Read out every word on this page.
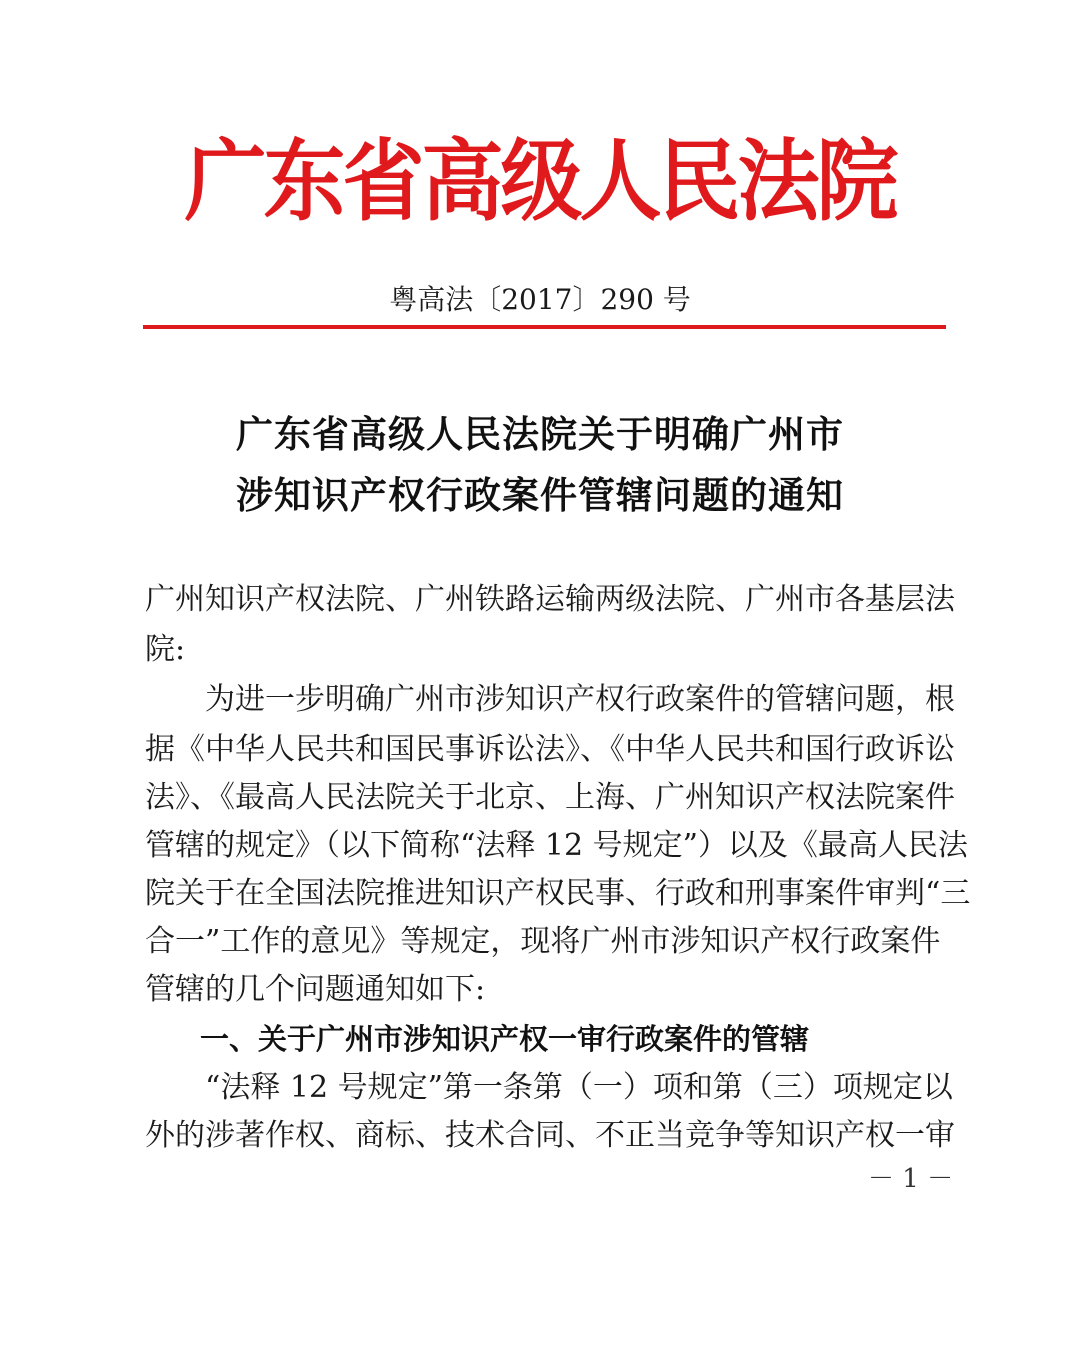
广东省高级人民法院
粤高法〔2017〕290 号
广东省高级人民法院关于明确广州市
涉知识产权行政案件管辖问题的通知
广州知识产权法院、广州铁路运输两级法院、广州市各基层法
院:
为进一步明确广州市涉知识产权行政案件的管辖问题，根
据《中华人民共和国民事诉讼法》、《中华人民共和国行政诉讼
法》、《最高人民法院关于北京、上海、广州知识产权法院案件
管辖的规定》（以下简称“法释 12 号规定”）以及《最高人民法
院关于在全国法院推进知识产权民事、行政和刑事案件审判“三
合一”工作的意见》等规定，现将广州市涉知识产权行政案件
管辖的几个问题通知如下:
一、关于广州市涉知识产权一审行政案件的管辖
“法释 12 号规定”第一条第（一）项和第（三）项规定以
外的涉著作权、商标、技术合同、不正当竞争等知识产权一审
－ 1 －
